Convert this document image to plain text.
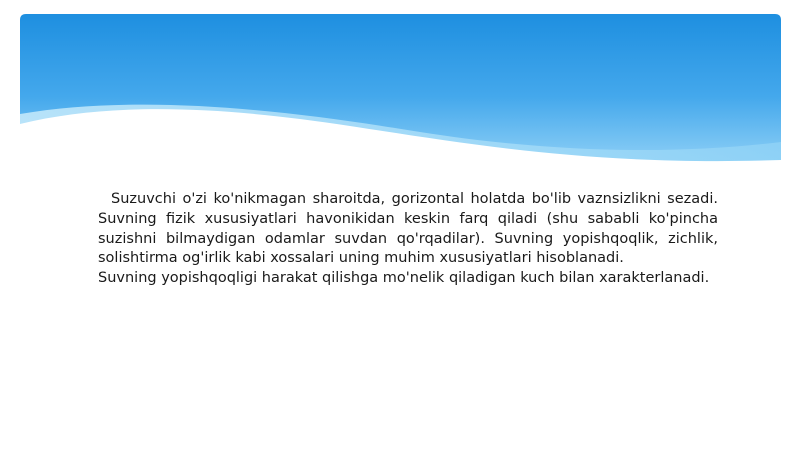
Suzuvchi o'zi ko'nikmagan sharoitda, gorizontal holatda bo'lib vaznsizlikni sezadi. Suvning fizik xususiyatlari havonikidan keskin farq qiladi (shu sababli ko'pincha suzishni bilmaydigan odamlar suvdan qo'rqadilar). Suvning yopishqoqlik, zichlik, solishtirma og'irlik kabi xossalari uning muhim xususiyatlari hisoblanadi.

Suvning yopishqoqligi harakat qilishga mo'nelik qiladigan kuch bilan xarakterlanadi.
